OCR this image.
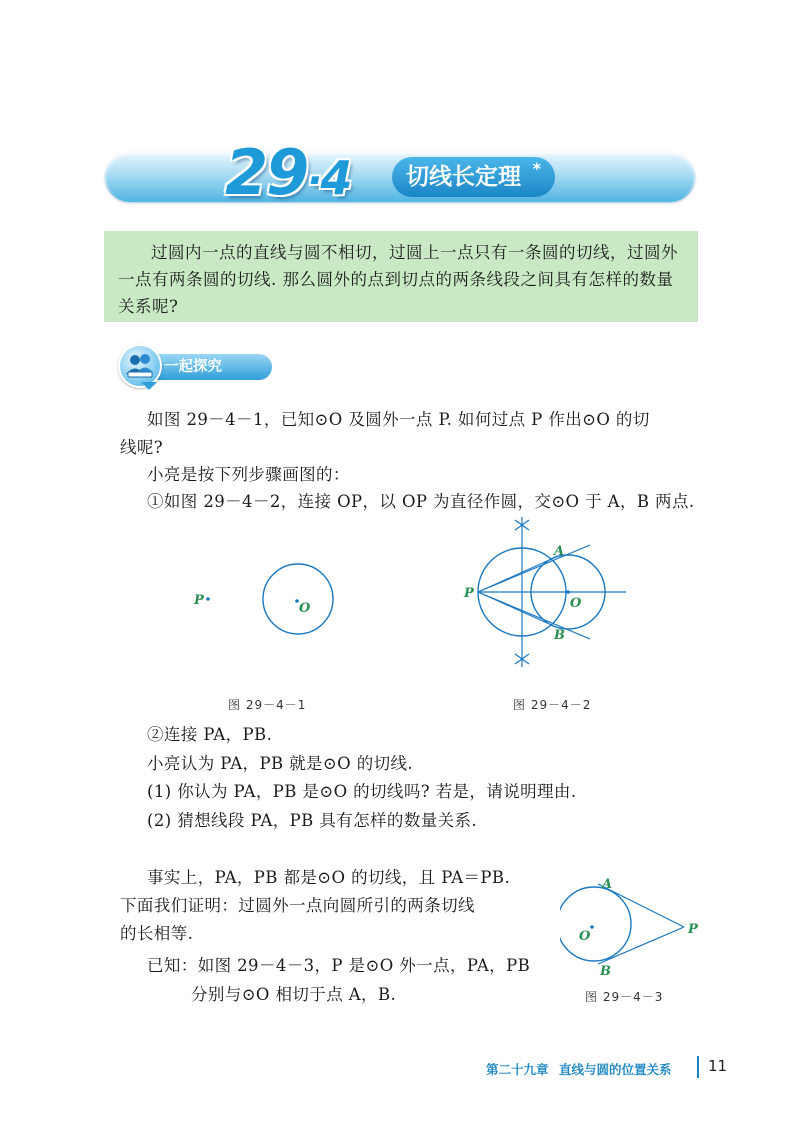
29·4	切线长定理 *

过圆内一点的直线与圆不相切，过圆上一点只有一条圆的切线，过圆外一点有两条圆的切线. 那么圆外的点到切点的两条线段之间具有怎样的数量关系呢?

一起探究
如图 29－4－1，已知⊙O 及圆外一点 P. 如何过点 P 作出⊙O 的切
线呢?
小亮是按下列步骤画图的：
①如图 29－4－2，连接 OP，以 OP 为直径作圆，交⊙O 于 A，B 两点.
P
O
图 29－4－1
P
O
A
B
图 29－4－2
②连接 PA，PB.
小亮认为 PA，PB 就是⊙O 的切线.
(1) 你认为 PA，PB 是⊙O 的切线吗? 若是，请说明理由.
(2) 猜想线段 PA，PB 具有怎样的数量关系.
事实上，PA，PB 都是⊙O 的切线，且 PA＝PB.
下面我们证明：过圆外一点向圆所引的两条切线
的长相等.
已知：如图 29－4－3，P 是⊙O 外一点，PA，PB
分别与⊙O 相切于点 A，B.
O
A
B
P
图 29－4－3
第二十九章 直线与圆的位置关系 11
